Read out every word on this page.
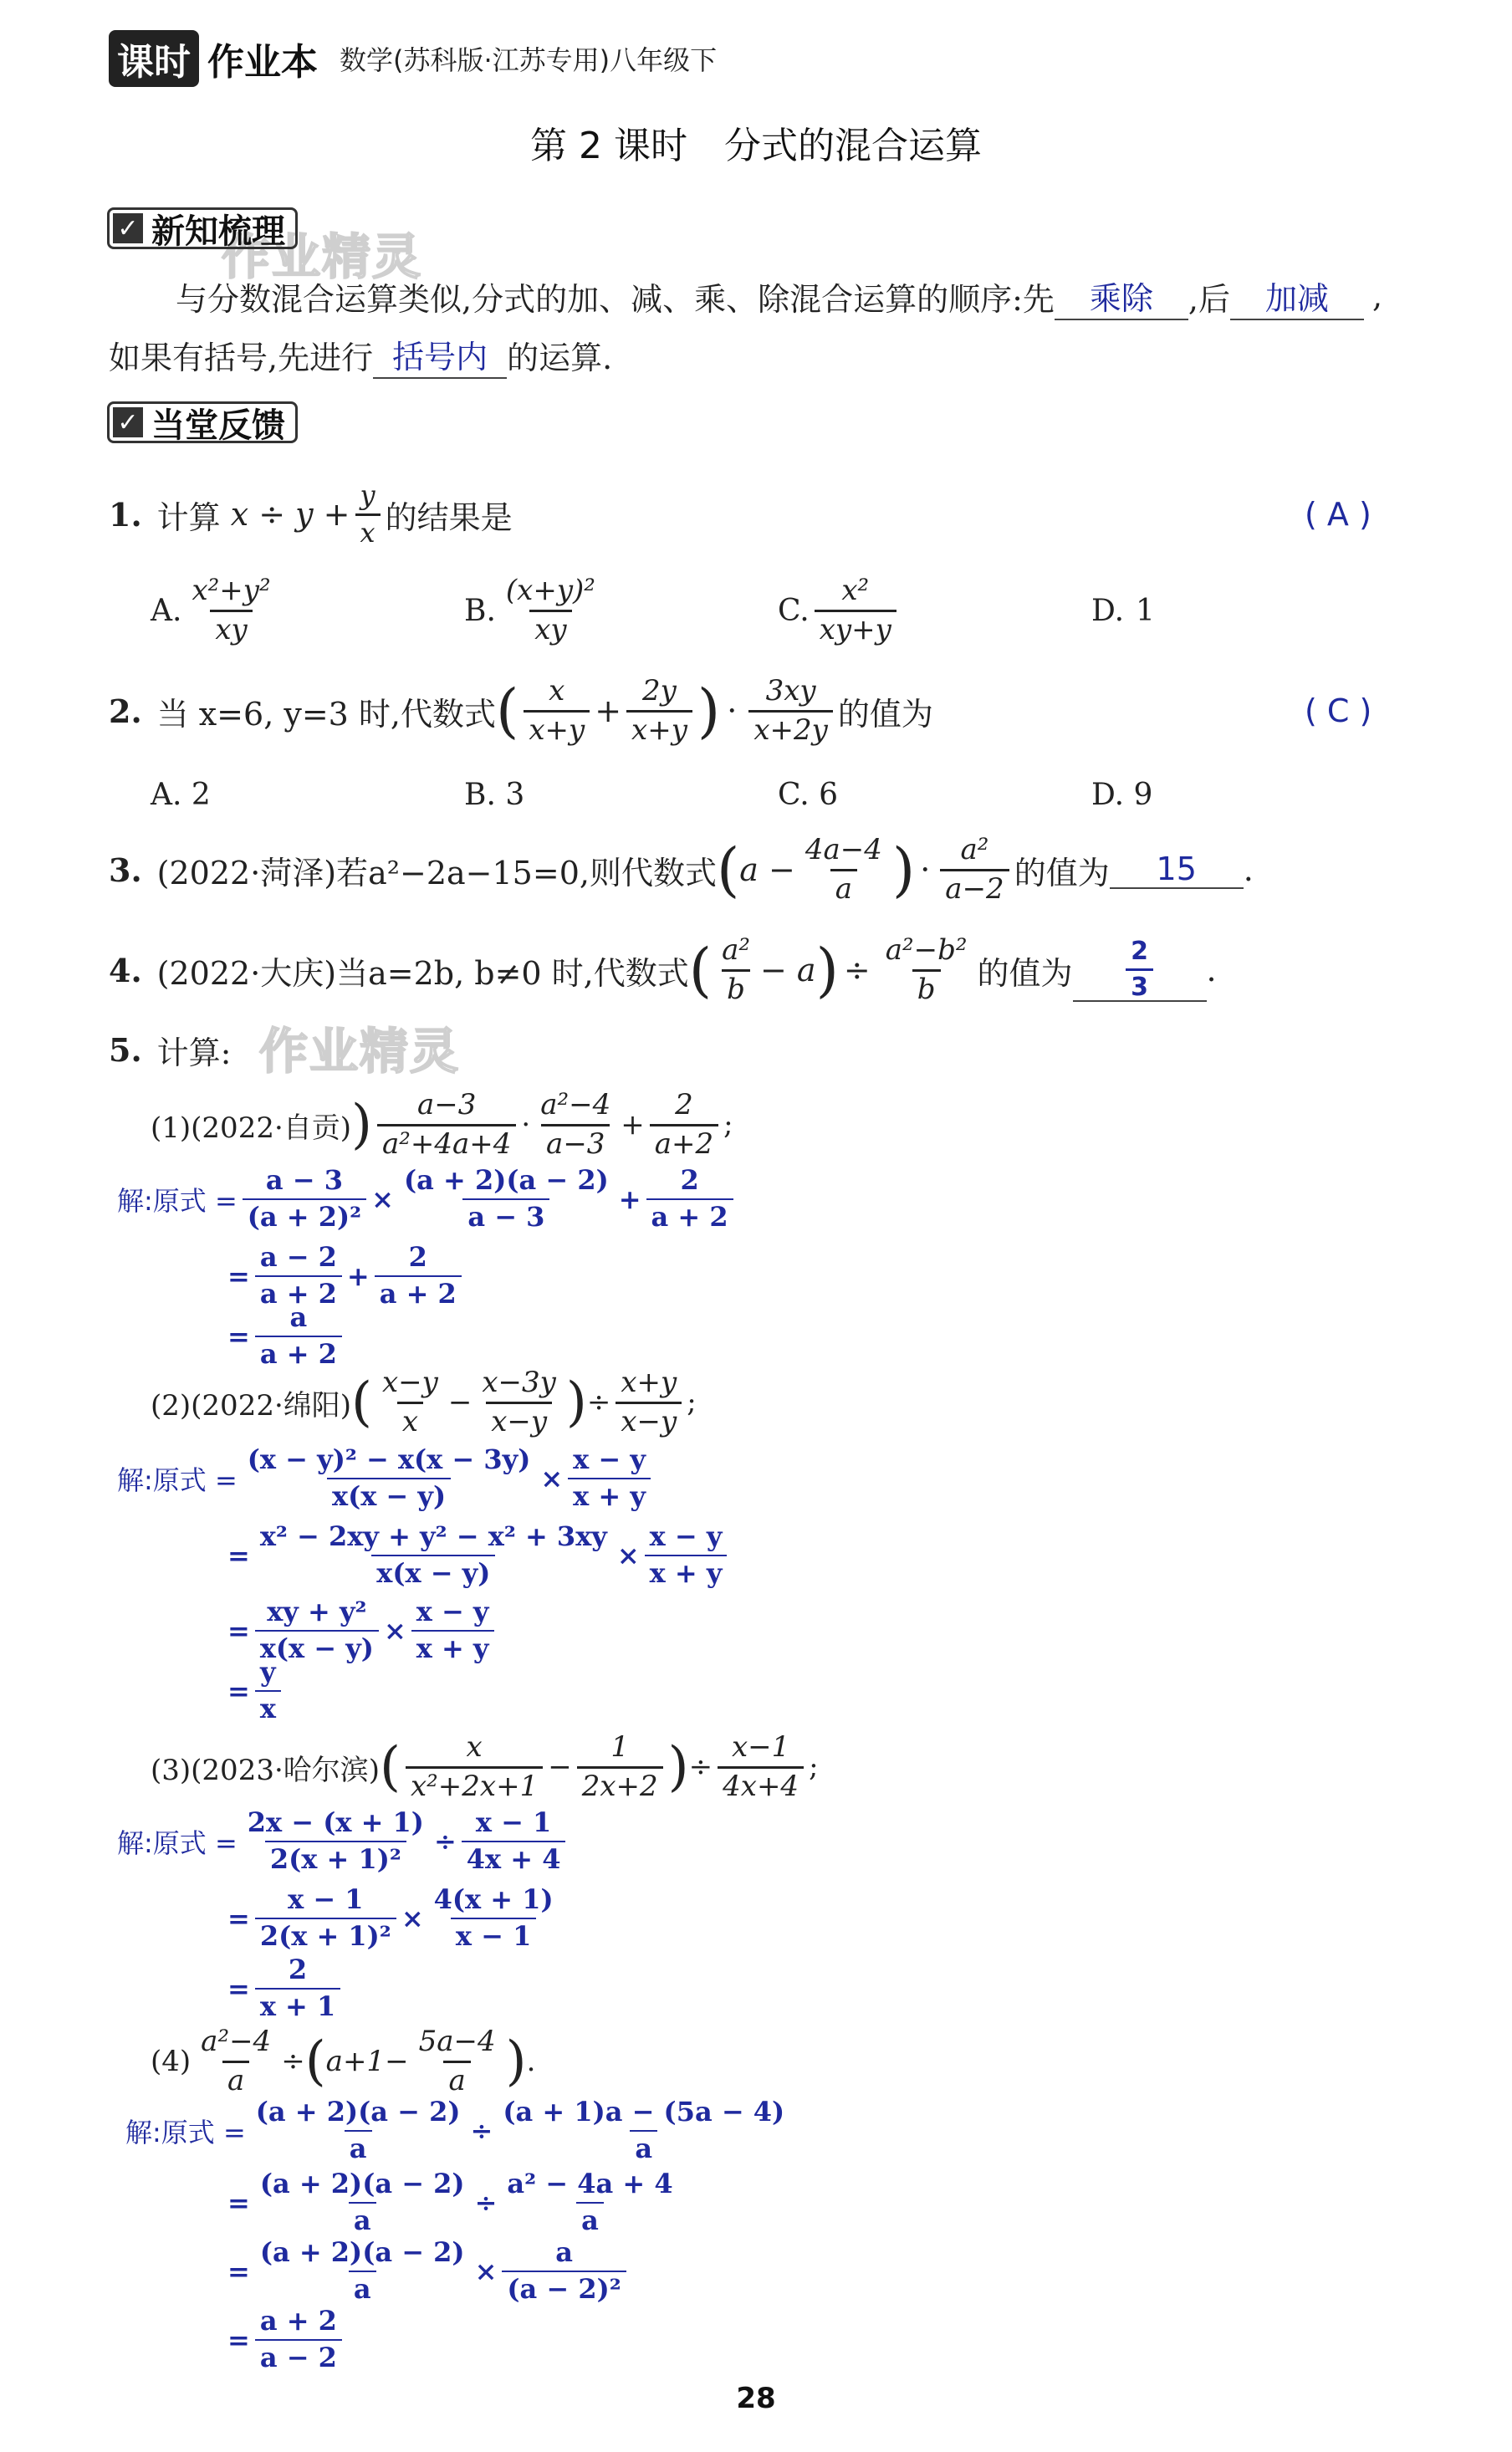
课时 作业本 数学(苏科版·江苏专用)八年级下
第 2 课时　分式的混合运算
作业精灵
作业精灵
✓ 新知梳理
与分数混合运算类似,分式的加、减、乘、除混合运算的顺序:先	乘除	,后	加减	,
如果有括号,先进行 括号内 的运算.
✓ 当堂反馈
1. 计算 $x \div y + \frac{y}{x}$ 的结果是	( A )
A.
x²+y²
xy
B.
(x+y)²
xy
C.
x²
xy+y
D. 1
2. 当 x=6, y=3 时,代数式 ( x
x+y
+ $\frac{2y}{x+y}$ ) ·
3xy
x+2y 的值为	( C )
A. 2	B. 3	C. 6	D. 9
3. (2022·菏泽)若 a²−2a−15=0,则代数式 ( $a - \frac{4a-4}{a}$ ) ·
a²
a−2 的值为	15	.
4. (2022·大庆)当 a=2b, b≠0 时,代数式 ( a²
b
− a ) ÷ $\frac{\text{a²−b²}}{b}$ 的值为 $\frac{2}{3}$ .
5. 计算:
(1)(2022·自贡) ) a−3
a²+4a+4
·
a²−4
a−3
+ $\frac{2}{a+2}$ ;
解:原式 = $\frac{a - 3}{\text{(a + 2)²}} \times \frac{(a + 2)(a - 2)}{a - 3} + \frac{2}{a + 2}$
= $\frac{a - 2}{a + 2} + \frac{2}{a + 2}$
= $\frac{a}{a + 2}$
(2)(2022·绵阳) ( x−y
x
− $\frac{x-3y}{x-y}$ ) ÷ $\frac{x+y}{x-y}$ ;
解:原式 = $\frac{\text{(x − y)² − x(x − 3y)}}{x(x - y)} \times \frac{x - y}{x + y}$
= $\frac{\text{x² − 2xy + y² − x² + 3xy}}{x(x - y)} \times \frac{x - y}{x + y}$
= $\frac{\text{xy + y²}}{x(x - y)} \times \frac{x - y}{x + y}$
= $\frac{y}{x}$
(3)(2023·哈尔滨) ( x
x²+2x+1
− $\frac{1}{2x+2}$ ) ÷ $\frac{x-1}{4x+4}$ ;
解:原式 = $\frac{2x - (x + 1)}{\text{2(x + 1)²}} \div \frac{x - 1}{4x + 4}$
= $\frac{x - 1}{\text{2(x + 1)²}} \times \frac{4(x + 1)}{x - 1}$
= $\frac{2}{x + 1}$
$(4) \frac{\text{a²−4}}{a}$ ÷ ( $a+1- \frac{5a-4}{a}$ ) .
解:原式 = $\frac{(a + 2)(a - 2)}{a} \div \frac{(a + 1)a - (5a - 4)}{a}$
= $\frac{(a + 2)(a - 2)}{a} \div \frac{\text{a² − 4a + 4}}{a}$
= $\frac{(a + 2)(a - 2)}{a} \times \frac{a}{\text{(a − 2)²}}$
= $\frac{a + 2}{a - 2}$
28
